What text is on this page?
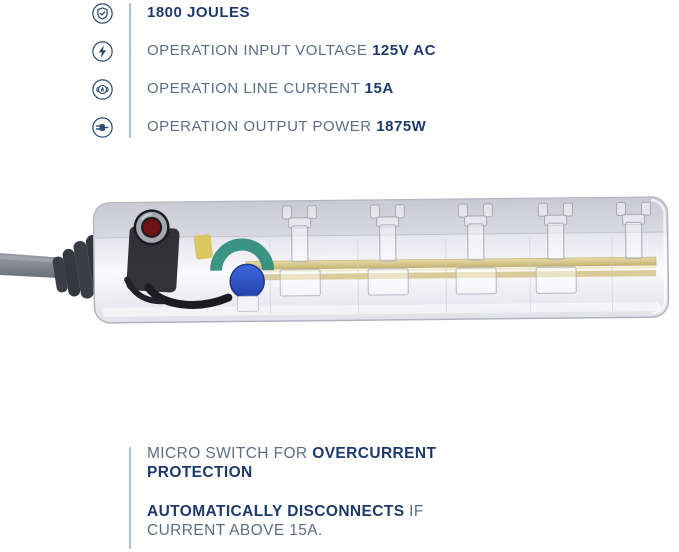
1800 JOULES
OPERATION INPUT VOLTAGE 125V AC
OPERATION LINE CURRENT 15A
OPERATION OUTPUT POWER 1875W

MICRO SWITCH FOR OVERCURRENT PROTECTION

AUTOMATICALLY DISCONNECTS IF CURRENT ABOVE 15A.
